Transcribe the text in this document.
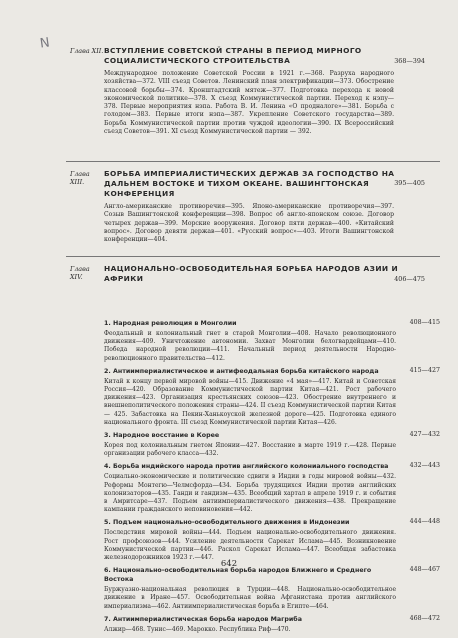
Ν	Глава XII. ВСТУПЛЕНИЕ СОВЕТСКОЙ СТРАНЫ В ПЕРИОД МИРНОГО СОЦИАЛИСТИЧЕСКОГО СТРОИТЕЛЬСТВА	368—394
Международное положение Советской России в 1921 г.—368. Разруха народного хозяйства—372. VIII съезд Советов. Ленинский план электрификации—373. Обострение классовой борьбы—374. Кронштадтский мятеж—377. Подготовка перехода к новой экономической политике—378. X съезд Коммунистической партии. Переход к нэпу—378. Первые мероприятия нэпа. Работа В. И. Ленина «О продналоге»—381. Борьба с голодом—383. Первые итоги нэпа—387. Укрепление Советского государства—389. Борьба Коммунистической партии против чуждой идеологии—390. IX Всероссийский съезд Советов—391. XI съезд Коммунистической партии — 392.
Глава XIII.
БОРЬБА ИМПЕРИАЛИСТИЧЕСКИХ ДЕРЖАВ ЗА ГОСПОДСТВО НА ДАЛЬНЕМ ВОСТОКЕ И ТИХОМ ОКЕАНЕ. ВАШИНГТОНСКАЯ КОНФЕРЕНЦИЯ
395—405
Англо-американские противоречия—395. Японо-американские противоречия—397. Созыв Вашингтонской конференции—398. Вопрос об англо-японском союзе. Договор четырех держав—399. Морские вооружения. Договор пяти держав—400. «Китайский вопрос». Договор девяти держав—401. «Русский вопрос»—403. Итоги Вашингтонской конференции—404.
Глава XIV.
НАЦИОНАЛЬНО-ОСВОБОДИТЕЛЬНАЯ БОРЬБА НАРОДОВ АЗИИ И АФРИКИ	406—475
1. Народная революция в Монголии	408—415
Феодальный и колониальный гнет в старой Монголии—408. Начало революционного движения—409. Уничтожение автономии. Захват Монголии белогвардейцами—410. Победа народной революции—411. Начальный период деятельности Народно-революционного правительства—412.
2. Антиимпериалистическое и антифеодальная борьба китайского народа	415—427
Китай к концу первой мировой войны—415. Движение «4 мая»—417. Китай и Советская Россия—420. Образование Коммунистической партии Китая—421. Рост рабочего движения—423. Организация крестьянских союзов—423. Обострение внутреннего и внешнеполитического положения страны—424. II съезд Коммунистической партии Китая — 425. Забастовка на Пекин-Ханькоуской железной дороге—425. Подготовка единого национального фронта. III съезд Коммунистической партии Китая—426.
3. Народное восстание в Корее	427—432
Корея под колониальным гнетом Японии—427. Восстание в марте 1919 г.—428. Первые организации рабочего класса—432.
4. Борьба индийского народа против английского колониального господства	432—443
Социально-экономические и политические сдвиги в Индии в годы мировой войны—432. Реформы Монтегю—Челмсфорда—434. Борьба трудящихся Индии против английских колонизаторов—435. Ганди и гандизм—435. Всеобщий хартал в апреле 1919 г. и события в Амритсаре—437. Подъем антиимпериалистического движения—438. Прекращение кампании гражданского неповиновения—442.
5. Подъем национально-освободительного движения в Индонезии	444—448
Последствия мировой войны—444. Подъем национально-освободительного движения. Рост профсоюзов—444. Усиление деятельности Сарекат Ислама—445. Возникновение Коммунистической партии—446. Раскол Сарекат Ислама—447. Всеобщая забастовка железнодорожников 1923 г.—447.
6. Национально-освободительная борьба народов Ближнего и Среднего Востока
448—467
Буржуазно-национальная революция в Турции—448. Национально-освободительное движение в Иране—457. Освободительная война Афганистана против английского империализма—462. Антиимпериалистическая борьба в Египте—464.
7. Антиимпериалистическая борьба народов Магриба	468—472
Алжир—468. Тунис—469. Марокко. Республика Риф—470.
642
